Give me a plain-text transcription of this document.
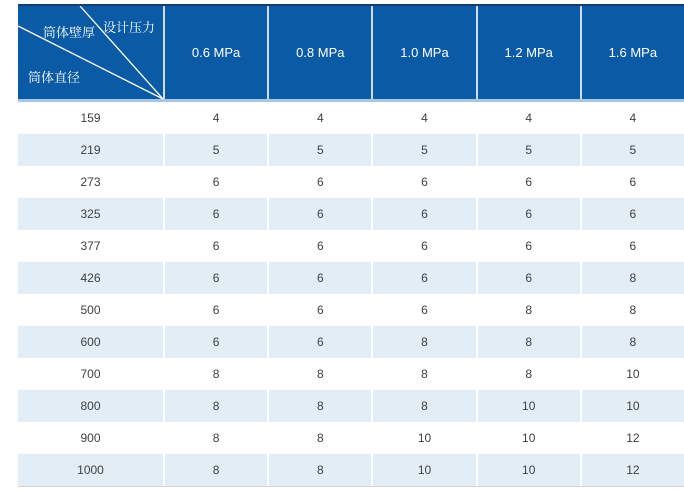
筒体壁厚 设计压力
筒体直径
0.6 MPa	0.8 MPa	1.0 MPa	1.2 MPa	1.6 MPa
159	4	4	4	4	4
219	5	5	5	5	5
273	6	6	6	6	6
325	6	6	6	6	6
377	6	6	6	6	6
426	6	6	6	6	8
500	6	6	6	8	8
600	6	6	8	8	8
700	8	8	8	8	10
800	8	8	8	10	10
900	8	8	10	10	12
1000	8	8	10	10	12
